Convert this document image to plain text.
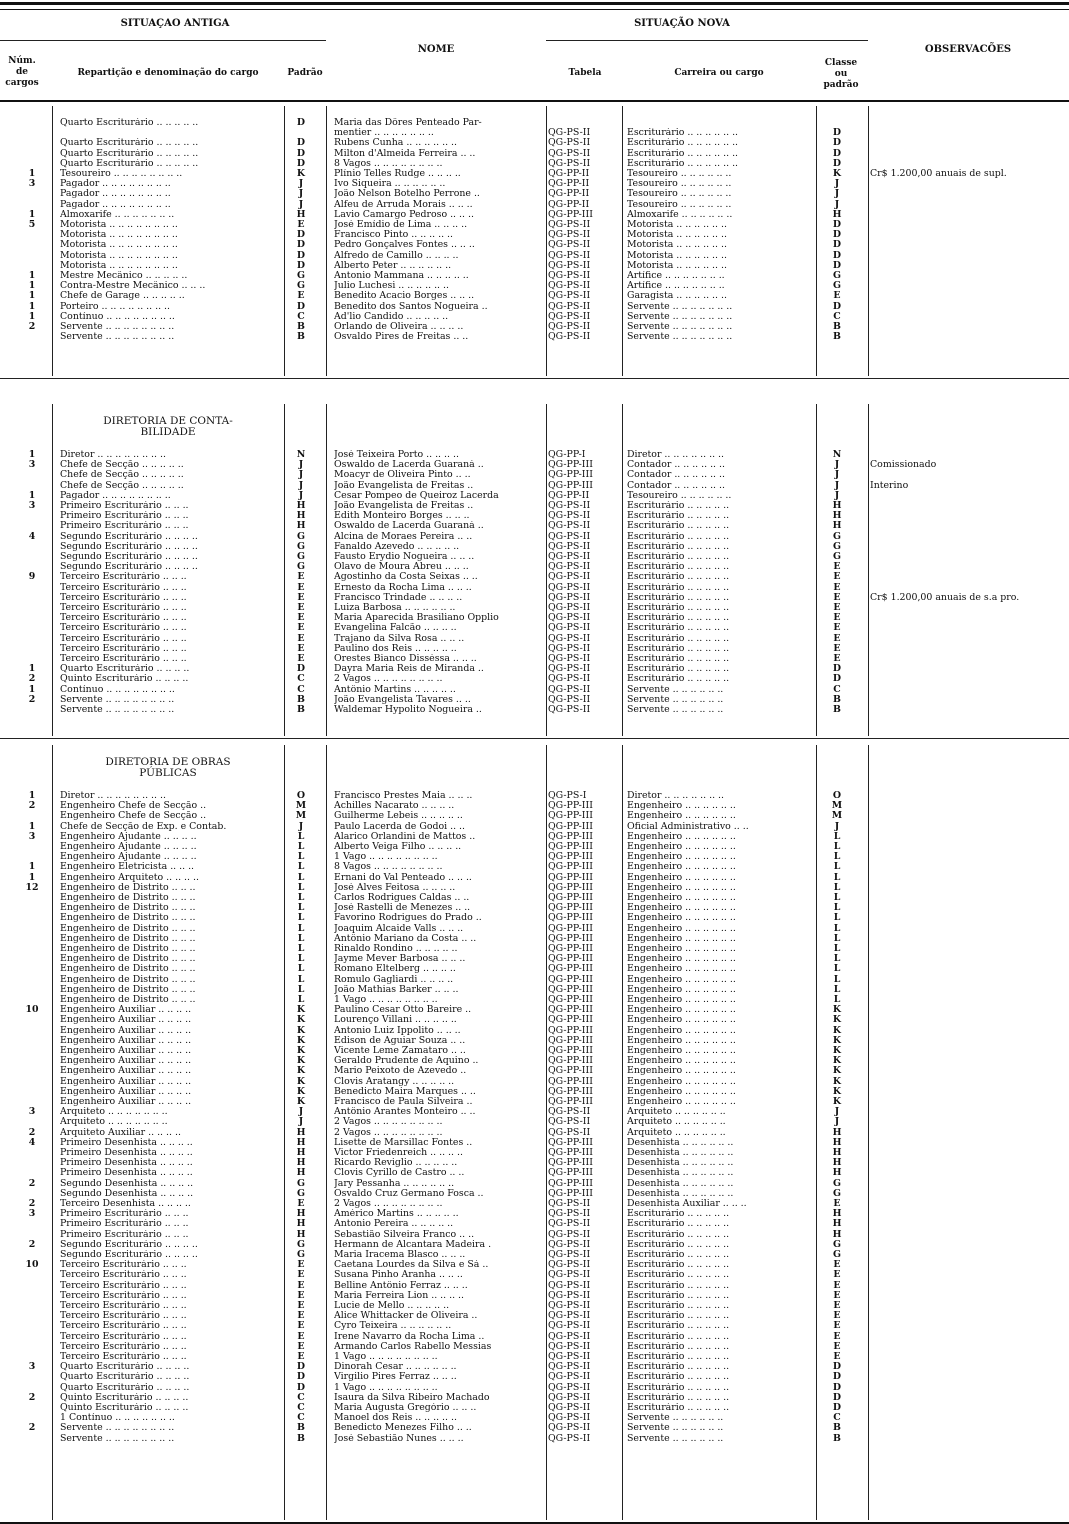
SITUAÇAO ANTIGA	SITUAÇÃO NOVA
NOME	OBSERVACÕES
Núm.
de
cargos
Repartição e denominação do cargo	Padrão	Tabela	Carreira ou cargo
Classe
ou
padrão
Quarto Escriturário .. .. .. .. ..	D	Maria das Dôres Penteado Par-
mentier .. .. .. .. .. .. ..	QG-PS-II	Escriturário .. .. .. .. .. ..	D
Quarto Escriturário .. .. .. .. ..	D	Rubens Cunha .. .. .. .. .. ..	QG-PS-II	Escriturário .. .. .. .. .. ..	D
Quarto Escriturário .. .. .. .. ..	D	Milton d'Almeida Ferreira .. ..	QG-PS-II	Escriturário .. .. .. .. .. ..	D
Quarto Escriturário .. .. .. .. ..	D	8 Vagos .. .. .. .. .. .. .. ..	QG-PS-II	Escriturário .. .. .. .. .. ..	D
1	Tesoureiro .. .. .. .. .. .. .. ..	K	Plínio Telles Rudge .. .. .. ..	QG-PP-II	Tesoureiro .. .. .. .. .. ..	K	Cr$ 1.200,00 anuais de supl.
3	Pagador .. .. .. .. .. .. .. ..	J	Ivo Siqueira .. .. .. .. .. ..	QG-PP-II	Tesoureiro .. .. .. .. .. ..	J
Pagador .. .. .. .. .. .. .. ..	J	João Nelson Botelho Perrone ..	QG-PP-II	Tesoureiro .. .. .. .. .. ..	J
Pagador .. .. .. .. .. .. .. ..	J	Alfeu de Arruda Morais .. .. ..	QG-PP-II	Tesoureiro .. .. .. .. .. ..	J
1	Almoxarife .. .. .. .. .. .. ..	H	Lavio Camargo Pedroso .. .. ..	QG-PP-III	Almoxarife .. .. .. .. .. ..	H
5	Motorista .. .. .. .. .. .. .. ..	E	José Emídio de Lima .. .. .. ..	QG-PS-II	Motorista .. .. .. .. .. ..	D
Motorista .. .. .. .. .. .. .. ..	D	Francisco Pinto .. .. .. .. ..	QG-PS-II	Motorista .. .. .. .. .. ..	D
Motorista .. .. .. .. .. .. .. ..	D	Pedro Gonçalves Fontes .. .. ..	QG-PS-II	Motorista .. .. .. .. .. ..	D
Motorista .. .. .. .. .. .. .. ..	D	Alfredo de Camillo .. .. .. ..	QG-PS-II	Motorista .. .. .. .. .. ..	D
Motorista .. .. .. .. .. .. .. ..	D	Alberto Peter .. .. .. .. .. ..	QG-PS-II	Motorista .. .. .. .. .. ..	D
1	Mestre Mecânico .. .. .. .. ..	G	Antonio Mammana .. .. .. .. ..	QG-PS-II	Artífice .. .. .. .. .. .. ..	G
1	Contra-Mestre Mecânico .. .. ..	G	Julio Luchesi .. .. .. .. .. ..	QG-PS-II	Artífice .. .. .. .. .. .. ..	G
1	Chefe de Garage .. .. .. .. ..	E	Benedito Acacio Borges .. .. ..	QG-PS-II	Garagista .. .. .. .. .. ..	E
1	Porteiro .. .. .. .. .. .. .. ..	D	Benedito dos Santos Nogueira ..	QG-PS-II	Servente .. .. .. .. .. .. ..	D
1	Contínuo .. .. .. .. .. .. .. ..	C	Ad'lio Candido .. .. .. .. ..	QG-PS-II	Servente .. .. .. .. .. .. ..	C
2	Servente .. .. .. .. .. .. .. ..	B	Orlando de Oliveira .. .. .. ..	QG-PS-II	Servente .. .. .. .. .. .. ..	B
Servente .. .. .. .. .. .. .. ..	B	Osvaldo Pires de Freitas .. ..	QG-PS-II	Servente .. .. .. .. .. .. ..	B
DIRETORIA DE CONTA-
BILIDADE
1	Diretor .. .. .. .. .. .. .. ..	N	José Teixeira Porto .. .. .. ..	QG-PP-I	Diretor .. .. .. .. .. .. ..	N
3	Chefe de Secção .. .. .. .. ..	J	Oswaldo de Lacerda Guaraná ..	QG-PP-III	Contador .. .. .. .. .. ..	J	Comissionado
Chefe de Secção .. .. .. .. ..	J	Moacyr de Oliveira Pinto .. ..	QG-PP-III	Contador .. .. .. .. .. ..	J
Chefe de Secção .. .. .. .. ..	J	João Evangelista de Freitas ..	QG-PP-III	Contador .. .. .. .. .. ..	J	Interino
1	Pagador .. .. .. .. .. .. .. ..	J	Cesar Pompeo de Queiroz Lacerda	QG-PP-II	Tesoureiro .. .. .. .. .. ..	J
3	Primeiro Escriturário .. .. ..	H	João Evangelista de Freitas ..	QG-PS-II	Escriturário .. .. .. .. ..	H
Primeiro Escriturário .. .. ..	H	Edith Monteiro Borges .. .. ..	QG-PS-II	Escriturário .. .. .. .. ..	H
Primeiro Escriturário .. .. ..	H	Oswaldo de Lacerda Guaraná ..	QG-PS-II	Escriturário .. .. .. .. ..	H
4	Segundo Escriturário .. .. .. ..	G	Alcina de Moraes Pereira .. ..	QG-PS-II	Escriturário .. .. .. .. ..	G
Segundo Escriturário .. .. .. ..	G	Fanaldo Azevedo .. .. .. .. ..	QG-PS-II	Escriturário .. .. .. .. ..	G
Segundo Escriturário .. .. .. ..	G	Fausto Erydio Nogueira .. .. ..	QG-PS-II	Escriturário .. .. .. .. ..	G
Segundo Escriturário .. .. .. ..	G	Olavo de Moura Abreu .. .. ..	QG-PS-II	Escriturário .. .. .. .. ..	E
9	Terceiro Escriturário .. .. ..	E	Agostinho da Costa Seixas .. ..	QG-PS-II	Escriturário .. .. .. .. ..	E
Terceiro Escriturário .. .. ..	E	Ernesto da Rocha Lima .. .. ..	QG-PS-II	Escriturário .. .. .. .. ..	E
Terceiro Escriturário .. .. ..	E	Francisco Trindade .. .. .. ..	QG-PS-II	Escriturário .. .. .. .. ..	E	Cr$ 1.200,00 anuais de s.a pro.
Terceiro Escriturário .. .. ..	E	Luiza Barbosa .. .. .. .. .. ..	QG-PS-II	Escriturário .. .. .. .. ..	E
Terceiro Escriturário .. .. ..	E	Maria Aparecida Brasiliano Opplio	QG-PS-II	Escriturário .. .. .. .. ..	E
Terceiro Escriturário .. .. ..	E	Evangelina Falcão .. .. .. ..	QG-PS-II	Escriturário .. .. .. .. ..	E
Terceiro Escriturário .. .. ..	E	Trajano da Silva Rosa .. .. ..	QG-PS-II	Escriturário .. .. .. .. ..	E
Terceiro Escriturário .. .. ..	E	Paulino dos Reis .. .. .. .. ..	QG-PS-II	Escriturário .. .. .. .. ..	E
Terceiro Escriturário .. .. ..	E	Orestes Bianco Disséssa .. .. ..	QG-PS-II	Escriturário .. .. .. .. ..	E
1	Quarto Escriturário .. .. .. ..	D	Dayra Maria Reis de Miranda ..	QG-PS-II	Escriturário .. .. .. .. ..	D
2	Quinto Escriturário .. .. .. ..	C	2 Vagos .. .. .. .. .. .. .. ..	QG-PS-II	Escriturário .. .. .. .. ..	D
1	Contínuo .. .. .. .. .. .. .. ..	C	Antônio Martins .. .. .. .. ..	QG-PS-II	Servente .. .. .. .. .. ..	C
2	Servente .. .. .. .. .. .. .. ..	B	João Evangelista Tavares .. ..	QG-PS-II	Servente .. .. .. .. .. ..	B
Servente .. .. .. .. .. .. .. ..	B	Waldemar Hypolito Nogueira ..	QG-PS-II	Servente .. .. .. .. .. ..	B
DIRETORIA DE OBRAS
PÚBLICAS
1	Diretor .. .. .. .. .. .. .. ..	O	Francisco Prestes Maia .. .. ..	QG-PS-I	Diretor .. .. .. .. .. .. ..	O
2	Engenheiro Chefe de Secção ..	M	Achilles Nacarato .. .. .. ..	QG-PP-III	Engenheiro .. .. .. .. .. ..	M
Engenheiro Chefe de Secção ..	M	Guilherme Lebeis .. .. .. .. ..	QG-PP-III	Engenheiro .. .. .. .. .. ..	M
1	Chefe de Secção de Exp. e Contab.	J	Paulo Lacerda de Godoi .. ..	QG-PP-III	Oficial Administrativo .. ..	J
3	Engenheiro Ajudante .. .. .. ..	L	Alarico Orlandini de Mattos ..	QG-PP-III	Engenheiro .. .. .. .. .. ..	L
Engenheiro Ajudante .. .. .. ..	L	Alberto Veiga Filho .. .. .. ..	QG-PP-III	Engenheiro .. .. .. .. .. ..	L
Engenheiro Ajudante .. .. .. ..	L	1 Vago .. .. .. .. .. .. .. ..	QG-PP-III	Engenheiro .. .. .. .. .. ..	L
1	Engenheiro Eletricista .. .. ..	L	8 Vagos .. .. .. .. .. .. .. ..	QG-PP-III	Engenheiro .. .. .. .. .. ..	L
1	Engenheiro Arquiteto .. .. .. ..	L	Ernani do Val Penteado .. .. ..	QG-PP-III	Engenheiro .. .. .. .. .. ..	L
12	Engenheiro de Distrito .. .. ..	L	José Alves Feitosa .. .. .. ..	QG-PP-III	Engenheiro .. .. .. .. .. ..	L
Engenheiro de Distrito .. .. ..	L	Carlos Rodrigues Caldas .. ..	QG-PP-III	Engenheiro .. .. .. .. .. ..	L
Engenheiro de Distrito .. .. ..	L	José Rastelli de Menezes .. ..	QG-PP-III	Engenheiro .. .. .. .. .. ..	L
Engenheiro de Distrito .. .. ..	L	Favorino Rodrigues do Prado ..	QG-PP-III	Engenheiro .. .. .. .. .. ..	L
Engenheiro de Distrito .. .. ..	L	Joaquim Alcaide Valls .. .. ..	QG-PP-III	Engenheiro .. .. .. .. .. ..	L
Engenheiro de Distrito .. .. ..	L	Antônio Mariano da Costa .. ..	QG-PP-III	Engenheiro .. .. .. .. .. ..	L
Engenheiro de Distrito .. .. ..	L	Rinaldo Rondino .. .. .. .. ..	QG-PP-III	Engenheiro .. .. .. .. .. ..	L
Engenheiro de Distrito .. .. ..	L	Jayme Mever Barbosa .. .. ..	QG-PP-III	Engenheiro .. .. .. .. .. ..	L
Engenheiro de Distrito .. .. ..	L	Romano Eltelberg .. .. .. ..	QG-PP-III	Engenheiro .. .. .. .. .. ..	L
Engenheiro de Distrito .. .. ..	L	Romulo Gagliardi .. .. .. ..	QG-PP-III	Engenheiro .. .. .. .. .. ..	L
Engenheiro de Distrito .. .. ..	L	João Mathias Barker .. .. ..	QG-PP-III	Engenheiro .. .. .. .. .. ..	L
Engenheiro de Distrito .. .. ..	L	1 Vago .. .. .. .. .. .. .. ..	QG-PP-III	Engenheiro .. .. .. .. .. ..	L
10	Engenheiro Auxiliar .. .. .. ..	K	Paulino Cesar Otto Bareire ..	QG-PP-III	Engenheiro .. .. .. .. .. ..	K
Engenheiro Auxiliar .. .. .. ..	K	Lourenço Villani .. .. .. .. ..	QG-PP-III	Engenheiro .. .. .. .. .. ..	K
Engenheiro Auxiliar .. .. .. ..	K	Antonio Luiz Ippolito .. .. ..	QG-PP-III	Engenheiro .. .. .. .. .. ..	K
Engenheiro Auxiliar .. .. .. ..	K	Edison de Aguiar Souza .. ..	QG-PP-III	Engenheiro .. .. .. .. .. ..	K
Engenheiro Auxiliar .. .. .. ..	K	Vicente Leme Zamataro .. ..	QG-PP-III	Engenheiro .. .. .. .. .. ..	K
Engenheiro Auxiliar .. .. .. ..	K	Geraldo Prudente de Aquino ..	QG-PP-III	Engenheiro .. .. .. .. .. ..	K
Engenheiro Auxiliar .. .. .. ..	K	Mario Peixoto de Azevedo ..	QG-PP-III	Engenheiro .. .. .. .. .. ..	K
Engenheiro Auxiliar .. .. .. ..	K	Clovis Aratangy .. .. .. .. ..	QG-PP-III	Engenheiro .. .. .. .. .. ..	K
Engenheiro Auxiliar .. .. .. ..	K	Benedicto Maira Marques .. ..	QG-PP-III	Engenheiro .. .. .. .. .. ..	K
Engenheiro Auxiliar .. .. .. ..	K	Francisco de Paula Silveira ..	QG-PP-III	Engenheiro .. .. .. .. .. ..	K
3	Arquiteto .. .. .. .. .. .. ..	J	Antônio Arantes Monteiro .. ..	QG-PS-II	Arquiteto .. .. .. .. .. ..	J
Arquiteto .. .. .. .. .. .. ..	J	2 Vagos .. .. .. .. .. .. .. ..	QG-PS-II	Arquiteto .. .. .. .. .. ..	J
2	Arquiteto Auxiliar .. .. .. ..	H	2 Vagos .. .. .. .. .. .. .. ..	QG-PS-II	Arquiteto .. .. .. .. .. ..	H
4	Primeiro Desenhista .. .. .. ..	H	Lisette de Marsillac Fontes ..	QG-PP-III	Desenhista .. .. .. .. .. ..	H
Primeiro Desenhista .. .. .. ..	H	Victor Friedenreich .. .. .. ..	QG-PP-III	Desenhista .. .. .. .. .. ..	H
Primeiro Desenhista .. .. .. ..	H	Ricardo Reviglio .. .. .. .. ..	QG-PP-III	Desenhista .. .. .. .. .. ..	H
Primeiro Desenhista .. .. .. ..	H	Clovis Cyrillo de Castro .. ..	QG-PP-III	Desenhista .. .. .. .. .. ..	H
2	Segundo Desenhista .. .. .. ..	G	Jary Pessanha .. .. .. .. .. ..	QG-PP-III	Desenhista .. .. .. .. .. ..	G
Segundo Desenhista .. .. .. ..	G	Osvaldo Cruz Germano Fosca ..	QG-PP-III	Desenhista .. .. .. .. .. ..	G
2	Terceiro Desenhista .. .. .. ..	E	2 Vagos .. .. .. .. .. .. .. ..	QG-PS-II	Desenhista Auxiliar .. .. ..	E
3	Primeiro Escriturário .. .. ..	H	Américo Martins .. .. .. .. ..	QG-PS-II	Escriturário .. .. .. .. ..	H
Primeiro Escriturário .. .. ..	H	Antonio Pereira .. .. .. .. ..	QG-PS-II	Escriturário .. .. .. .. ..	H
Primeiro Escriturário .. .. ..	H	Sebastião Silveira Franco .. ..	QG-PS-II	Escriturário .. .. .. .. ..	H
2	Segundo Escriturário .. .. .. ..	G	Hermann de Alcantara Madeira .	QG-PS-II	Escriturário .. .. .. .. ..	G
Segundo Escriturário .. .. .. ..	G	Maria Iracema Blasco .. .. ..	QG-PS-II	Escriturário .. .. .. .. ..	G
10	Terceiro Escriturário .. .. ..	E	Caetana Lourdes da Silva e Sá ..	QG-PS-II	Escriturário .. .. .. .. ..	E
Terceiro Escriturário .. .. ..	E	Susana Pinho Aranha .. .. ..	QG-PS-II	Escriturário .. .. .. .. ..	E
Terceiro Escriturário .. .. ..	E	Belline Antônio Ferraz .. .. ..	QG-PS-II	Escriturário .. .. .. .. ..	E
Terceiro Escriturário .. .. ..	E	Maria Ferreira Lion .. .. .. ..	QG-PS-II	Escriturário .. .. .. .. ..	E
Terceiro Escriturário .. .. ..	E	Lucie de Mello .. .. .. .. ..	QG-PS-II	Escriturário .. .. .. .. ..	E
Terceiro Escriturário .. .. ..	E	Alice Whittacker de Oliveira ..	QG-PS-II	Escriturário .. .. .. .. ..	E
Terceiro Escriturário .. .. ..	E	Cyro Teixeira .. .. .. .. .. ..	QG-PS-II	Escriturário .. .. .. .. ..	E
Terceiro Escriturário .. .. ..	E	Irene Navarro da Rocha Lima ..	QG-PS-II	Escriturário .. .. .. .. ..	E
Terceiro Escriturário .. .. ..	E	Armando Carlos Rabello Messias	QG-PS-II	Escriturário .. .. .. .. ..	E
Terceiro Escriturário .. .. ..	E	1 Vago .. .. .. .. .. .. .. ..	QG-PS-II	Escriturário .. .. .. .. ..	E
3	Quarto Escriturário .. .. .. ..	D	Dinorah Cesar .. .. .. .. .. ..	QG-PS-II	Escriturário .. .. .. .. ..	D
Quarto Escriturário .. .. .. ..	D	Virgilio Pires Ferraz .. .. ..	QG-PS-II	Escriturário .. .. .. .. ..	D
Quarto Escriturário .. .. .. ..	D	1 Vago .. .. .. .. .. .. .. ..	QG-PS-II	Escriturário .. .. .. .. ..	D
2	Quinto Escriturário .. .. .. ..	C	Isaura da Silva Ribeiro Machado	QG-PS-II	Escriturário .. .. .. .. ..	D
Quinto Escriturário .. .. .. ..	C	Maria Augusta Gregório .. .. ..	QG-PS-II	Escriturário .. .. .. .. ..	D
1 Contínuo .. .. .. .. .. .. ..	C	Manoel dos Reis .. .. .. .. ..	QG-PS-II	Servente .. .. .. .. .. ..	C
2	Servente .. .. .. .. .. .. .. ..	B	Benedicto Menezes Filho .. ..	QG-PS-II	Servente .. .. .. .. .. ..	B
Servente .. .. .. .. .. .. .. ..	B	José Sebastião Nunes .. .. ..	QG-PS-II	Servente .. .. .. .. .. ..	B
